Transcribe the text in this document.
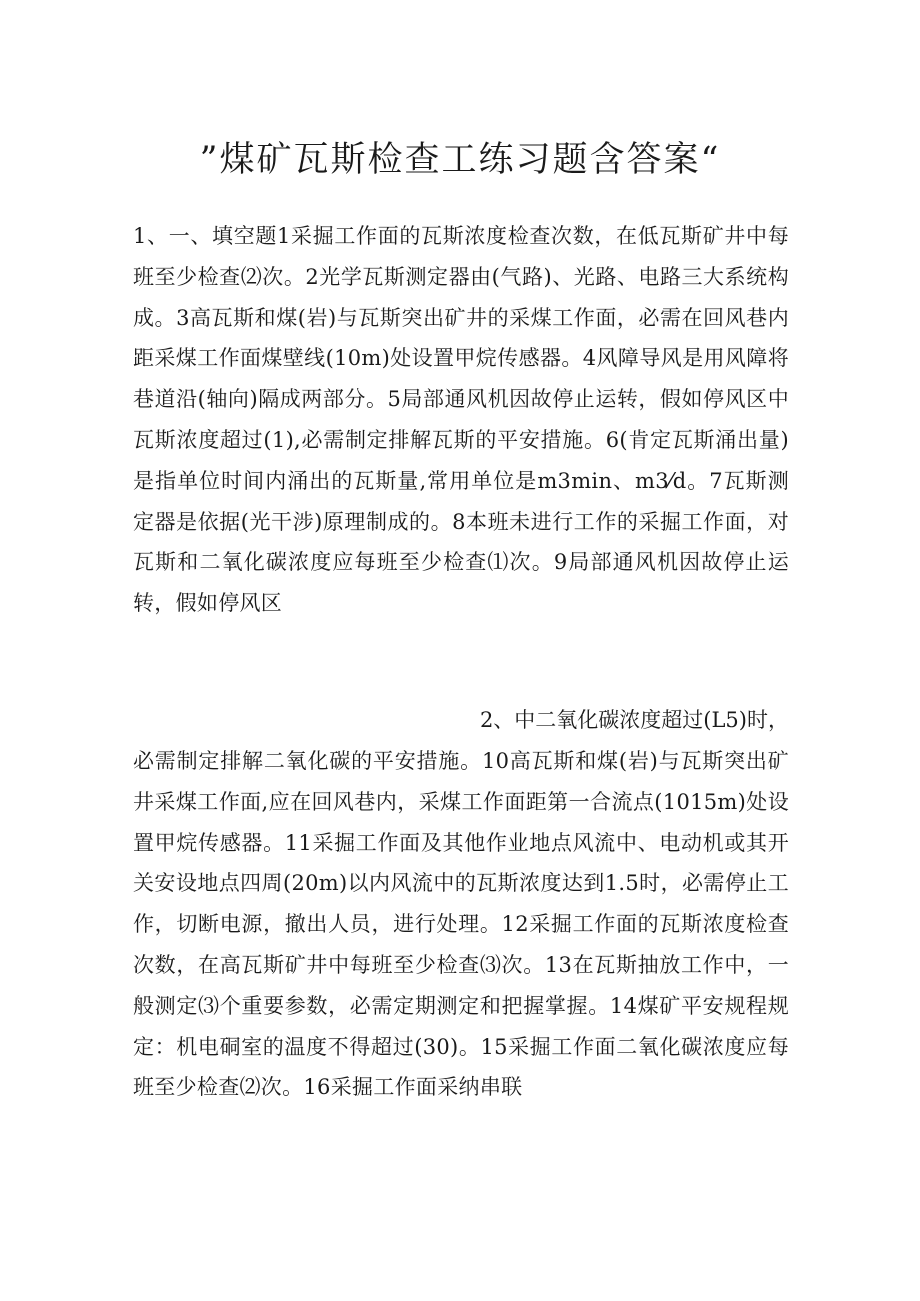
”煤矿瓦斯检查工练习题含答案“

1、一、填空题1采掘工作面的瓦斯浓度检查次数，在低瓦斯矿井中每班至少检查⑵次。2光学瓦斯测定器由(气路)、光路、电路三大系统构成。3高瓦斯和煤(岩)与瓦斯突出矿井的采煤工作面，必需在回风巷内距采煤工作面煤壁线(10m)处设置甲烷传感器。4风障导风是用风障将巷道沿(轴向)隔成两部分。5局部通风机因故停止运转，假如停风区中瓦斯浓度超过(1),必需制定排解瓦斯的平安措施。6(肯定瓦斯涌出量)是指单位时间内涌出的瓦斯量,常用单位是m3min、m3⁄d。7瓦斯测定器是依据(光干涉)原理制成的。8本班未进行工作的采掘工作面，对瓦斯和二氧化碳浓度应每班至少检查⑴次。9局部通风机因故停止运转，假如停风区

2、中二氧化碳浓度超过(L5)时，

必需制定排解二氧化碳的平安措施。10高瓦斯和煤(岩)与瓦斯突出矿井采煤工作面,应在回风巷内，采煤工作面距第一合流点(1015m)处设置甲烷传感器。11采掘工作面及其他作业地点风流中、电动机或其开关安设地点四周(20m)以内风流中的瓦斯浓度达到1.5时，必需停止工作，切断电源，撤出人员，进行处理。12采掘工作面的瓦斯浓度检查次数，在高瓦斯矿井中每班至少检查⑶次。13在瓦斯抽放工作中，一般测定⑶个重要参数，必需定期测定和把握掌握。14煤矿平安规程规定：机电硐室的温度不得超过(30)。15采掘工作面二氧化碳浓度应每班至少检查⑵次。16采掘工作面采纳串联
